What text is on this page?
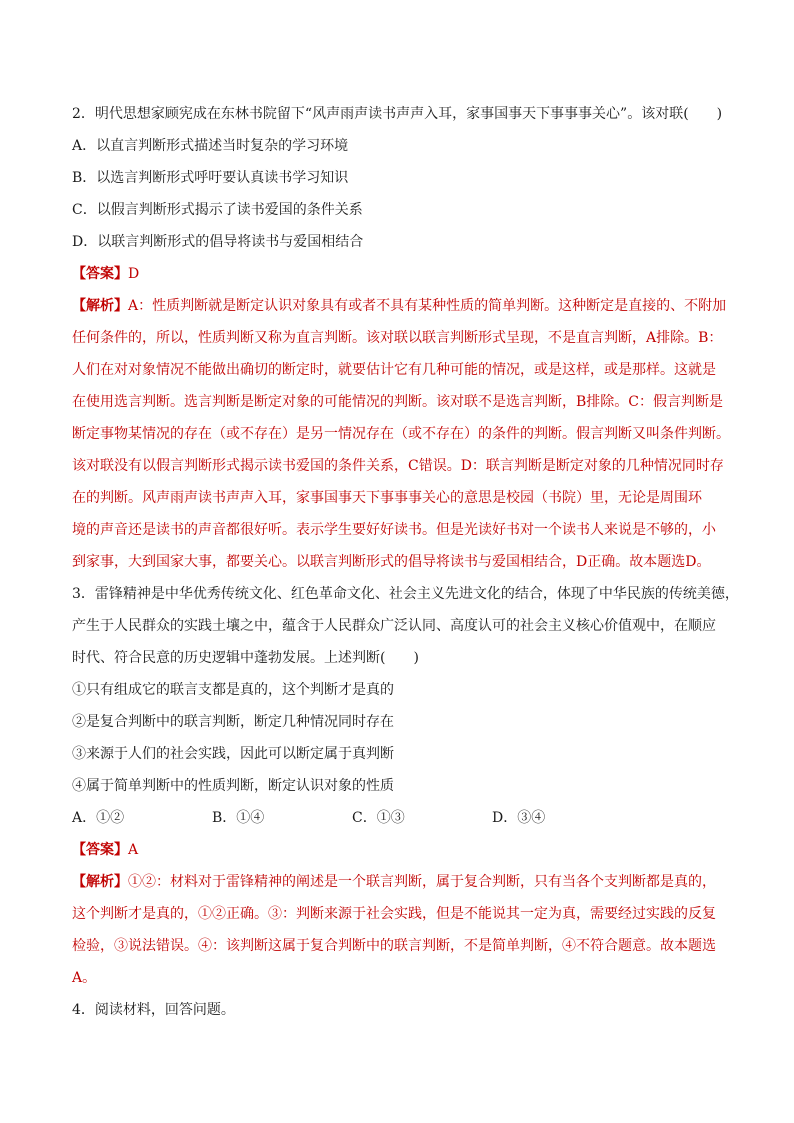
2．明代思想家顾宪成在东林书院留下“风声雨声读书声声入耳，家事国事天下事事事关心”。该对联(　　)
A．以直言判断形式描述当时复杂的学习环境
B．以选言判断形式呼吁要认真读书学习知识
C．以假言判断形式揭示了读书爱国的条件关系
D．以联言判断形式的倡导将读书与爱国相结合
【答案】D
【解析】A：性质判断就是断定认识对象具有或者不具有某种性质的简单判断。这种断定是直接的、不附加
任何条件的，所以，性质判断又称为直言判断。该对联以联言判断形式呈现，不是直言判断，A排除。B：
人们在对对象情况不能做出确切的断定时，就要估计它有几种可能的情况，或是这样，或是那样。这就是
在使用选言判断。选言判断是断定对象的可能情况的判断。该对联不是选言判断，B排除。C：假言判断是
断定事物某情况的存在（或不存在）是另一情况存在（或不存在）的条件的判断。假言判断又叫条件判断。
该对联没有以假言判断形式揭示读书爱国的条件关系，C错误。D：联言判断是断定对象的几种情况同时存
在的判断。风声雨声读书声声入耳，家事国事天下事事事关心的意思是校园（书院）里，无论是周围环
境的声音还是读书的声音都很好听。表示学生要好好读书。但是光读好书对一个读书人来说是不够的，小
到家事，大到国家大事，都要关心。以联言判断形式的倡导将读书与爱国相结合，D正确。故本题选D。
3．雷锋精神是中华优秀传统文化、红色革命文化、社会主义先进文化的结合，体现了中华民族的传统美德，
产生于人民群众的实践土壤之中，蕴含于人民群众广泛认同、高度认可的社会主义核心价值观中，在顺应
时代、符合民意的历史逻辑中蓬勃发展。上述判断(　　)
①只有组成它的联言支都是真的，这个判断才是真的
②是复合判断中的联言判断，断定几种情况同时存在
③来源于人们的社会实践，因此可以断定属于真判断
④属于简单判断中的性质判断，断定认识对象的性质
A．①②	B．①④	C．①③	D．③④
【答案】A
【解析】①②：材料对于雷锋精神的阐述是一个联言判断，属于复合判断，只有当各个支判断都是真的，
这个判断才是真的，①②正确。③：判断来源于社会实践，但是不能说其一定为真，需要经过实践的反复
检验，③说法错误。④：该判断这属于复合判断中的联言判断，不是简单判断，④不符合题意。故本题选
A。
4．阅读材料，回答问题。
